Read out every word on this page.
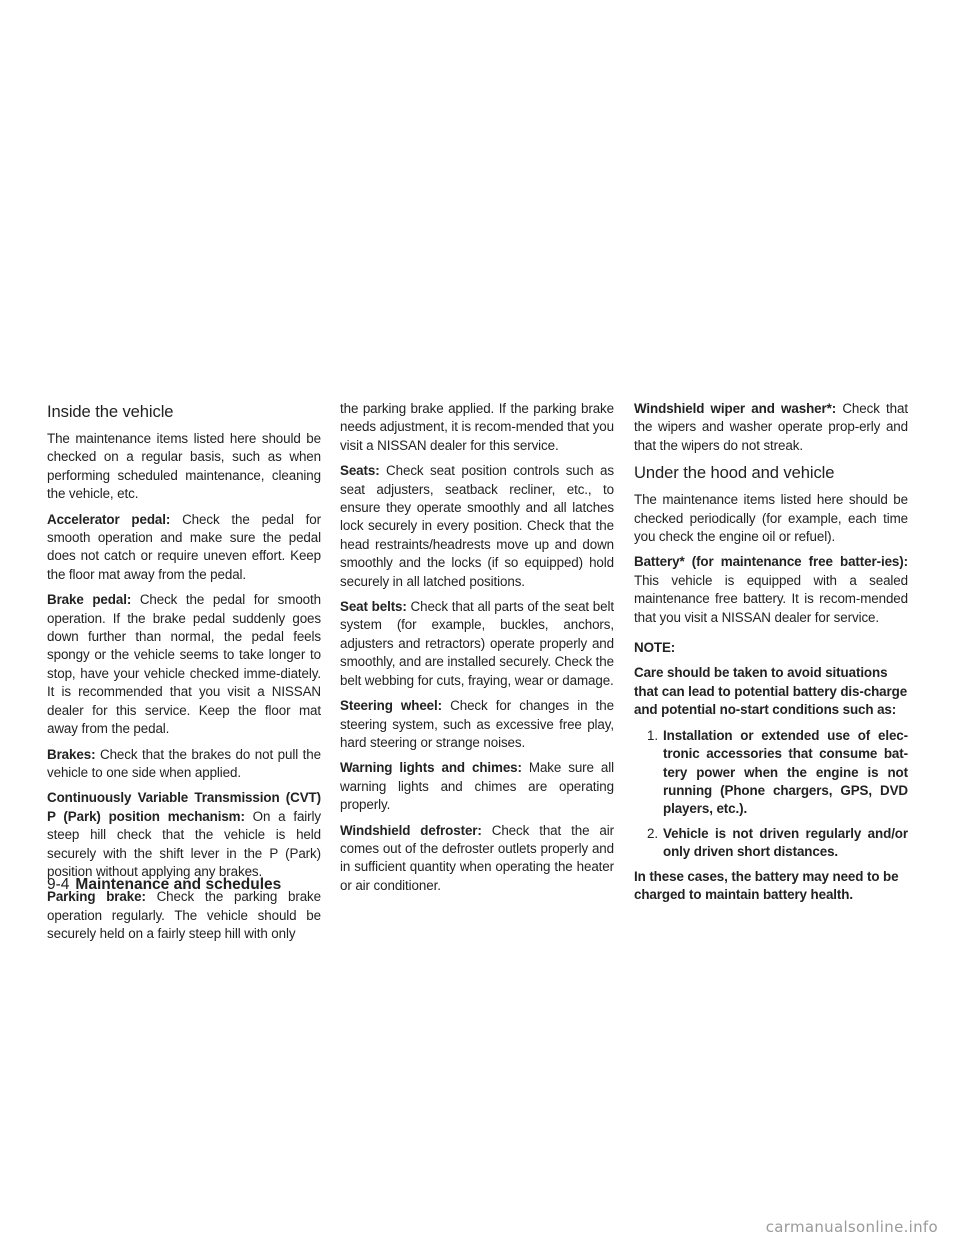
Inside the vehicle

The maintenance items listed here should be checked on a regular basis, such as when performing scheduled maintenance, cleaning the vehicle, etc.

Accelerator pedal: Check the pedal for smooth operation and make sure the pedal does not catch or require uneven effort. Keep the floor mat away from the pedal.

Brake pedal: Check the pedal for smooth operation. If the brake pedal suddenly goes down further than normal, the pedal feels spongy or the vehicle seems to take longer to stop, have your vehicle checked imme-diately. It is recommended that you visit a NISSAN dealer for this service. Keep the floor mat away from the pedal.

Brakes: Check that the brakes do not pull the vehicle to one side when applied.

Continuously Variable Transmission (CVT) P (Park) position mechanism: On a fairly steep hill check that the vehicle is held securely with the shift lever in the P (Park) position without applying any brakes.

Parking brake: Check the parking brake operation regularly. The vehicle should be securely held on a fairly steep hill with only

the parking brake applied. If the parking brake needs adjustment, it is recom-mended that you visit a NISSAN dealer for this service.

Seats: Check seat position controls such as seat adjusters, seatback recliner, etc., to ensure they operate smoothly and all latches lock securely in every position. Check that the head restraints/headrests move up and down smoothly and the locks (if so equipped) hold securely in all latched positions.

Seat belts: Check that all parts of the seat belt system (for example, buckles, anchors, adjusters and retractors) operate properly and smoothly, and are installed securely. Check the belt webbing for cuts, fraying, wear or damage.

Steering wheel: Check for changes in the steering system, such as excessive free play, hard steering or strange noises.

Warning lights and chimes: Make sure all warning lights and chimes are operating properly.

Windshield defroster: Check that the air comes out of the defroster outlets properly and in sufficient quantity when operating the heater or air conditioner.

Windshield wiper and washer*: Check that the wipers and washer operate prop-erly and that the wipers do not streak.

Under the hood and vehicle

The maintenance items listed here should be checked periodically (for example, each time you check the engine oil or refuel).

Battery* (for maintenance free batter-ies): This vehicle is equipped with a sealed maintenance free battery. It is recom-mended that you visit a NISSAN dealer for service.

NOTE:

Care should be taken to avoid situations that can lead to potential battery dis-charge and potential no-start conditions such as:

1. Installation or extended use of elec-tronic accessories that consume bat-tery power when the engine is not running (Phone chargers, GPS, DVD players, etc.).
2. Vehicle is not driven regularly and/or only driven short distances.

In these cases, the battery may need to be charged to maintain battery health.

9-4 Maintenance and schedules
carmanualsonline.info
